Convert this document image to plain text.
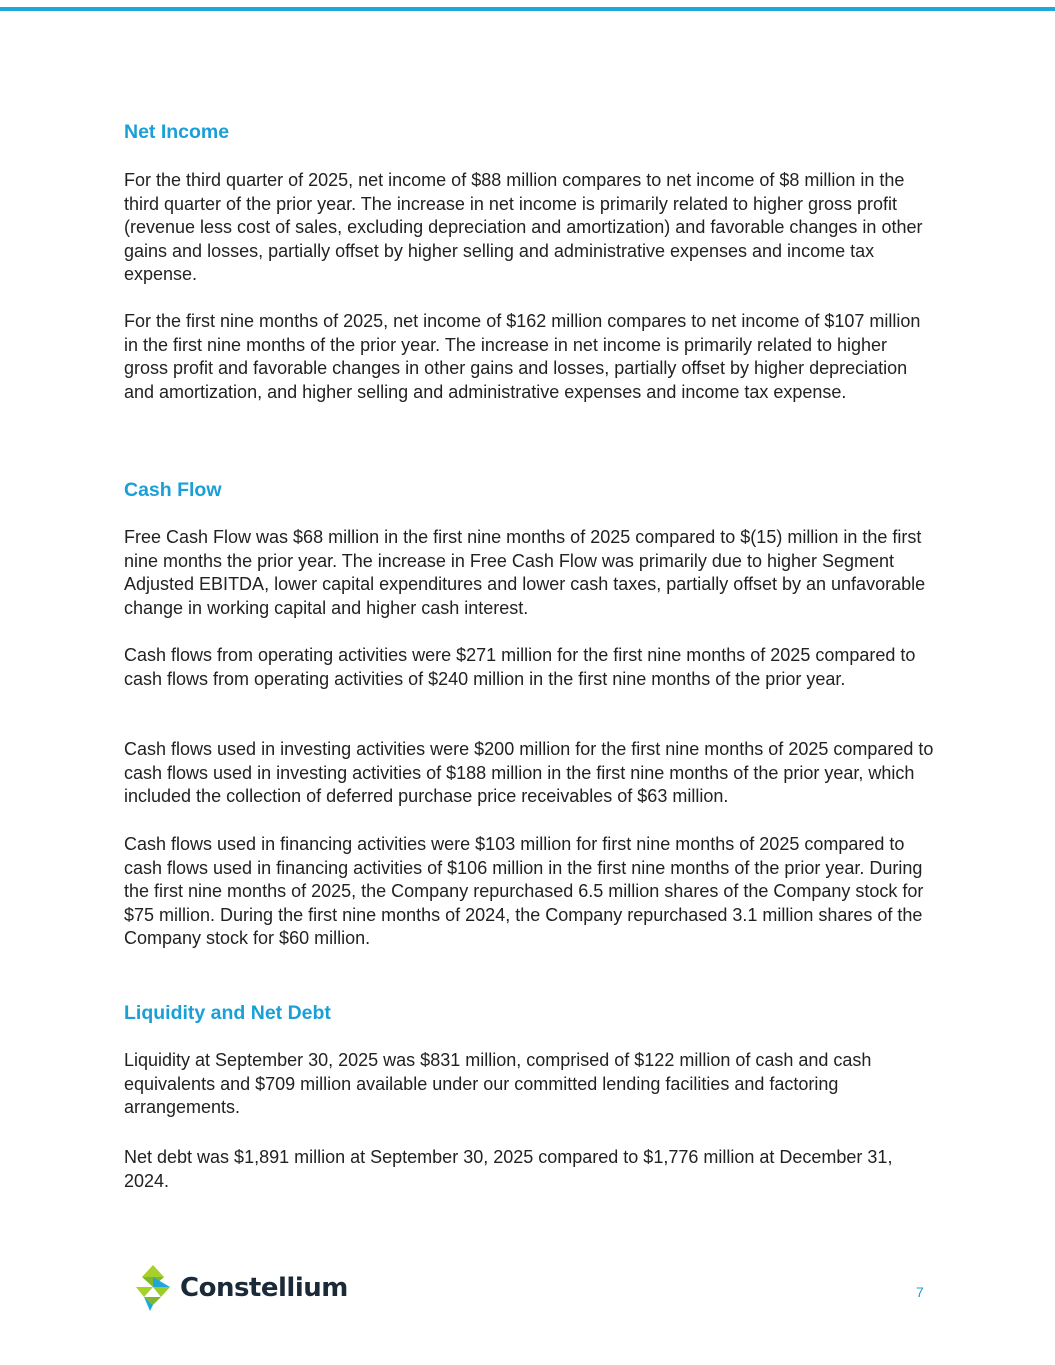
Net Income

For the third quarter of 2025, net income of $88 million compares to net income of $8 million in the third quarter of the prior year. The increase in net income is primarily related to higher gross profit (revenue less cost of sales, excluding depreciation and amortization) and favorable changes in other gains and losses, partially offset by higher selling and administrative expenses and income tax expense.

For the first nine months of 2025, net income of $162 million compares to net income of $107 million in the first nine months of the prior year. The increase in net income is primarily related to higher gross profit and favorable changes in other gains and losses, partially offset by higher depreciation and amortization, and higher selling and administrative expenses and income tax expense.

Cash Flow

Free Cash Flow was $68 million in the first nine months of 2025 compared to $(15) million in the first nine months the prior year. The increase in Free Cash Flow was primarily due to higher Segment Adjusted EBITDA, lower capital expenditures and lower cash taxes, partially offset by an unfavorable change in working capital and higher cash interest.

Cash flows from operating activities were $271 million for the first nine months of 2025 compared to cash flows from operating activities of $240 million in the first nine months of the prior year.

Cash flows used in investing activities were $200 million for the first nine months of 2025 compared to cash flows used in investing activities of $188 million in the first nine months of the prior year, which included the collection of deferred purchase price receivables of $63 million.

Cash flows used in financing activities were $103 million for first nine months of 2025 compared to cash flows used in financing activities of $106 million in the first nine months of the prior year. During the first nine months of 2025, the Company repurchased 6.5 million shares of the Company stock for $75 million. During the first nine months of 2024, the Company repurchased 3.1 million shares of the Company stock for $60 million.

Liquidity and Net Debt

Liquidity at September 30, 2025 was $831 million, comprised of $122 million of cash and cash equivalents and $709 million available under our committed lending facilities and factoring arrangements.

Net debt was $1,891 million at September 30, 2025 compared to $1,776 million at December 31, 2024.

Constellium	7
